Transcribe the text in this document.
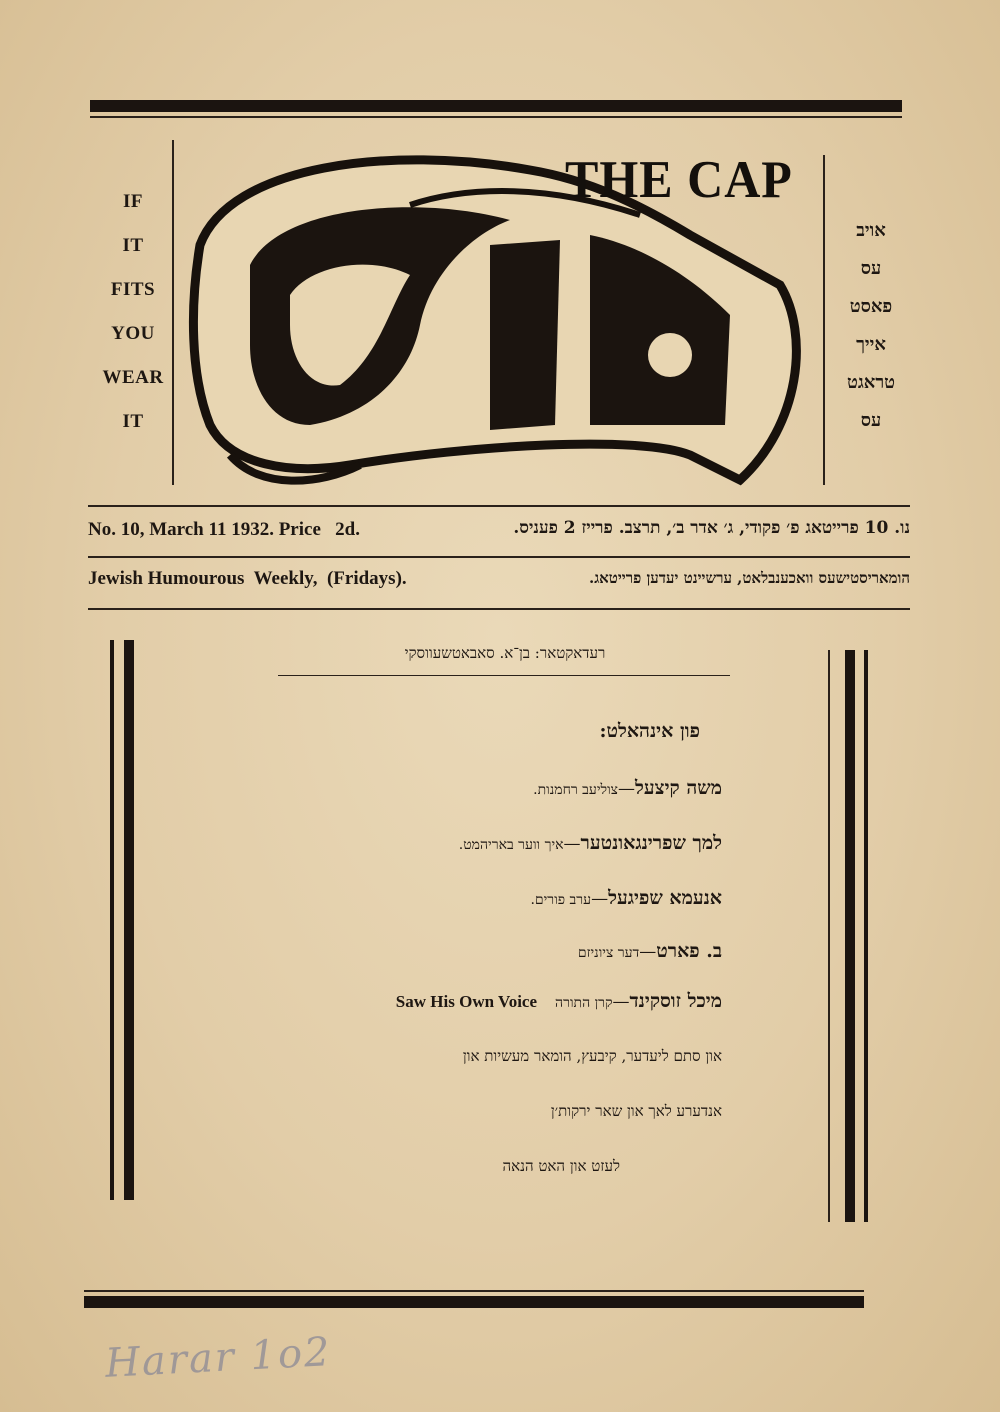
IF
IT
FITS
YOU
WEAR
IT
THE CAP
אויב
עס
פאסט
אייך
טראגט
עס
No. 10, March 11 1932. Price   2d.	נו. 10 פרייטאג פ׳ פקודי, ג׳ אדר ב׳, תרצב. פרייז 2 פעניס.
Jewish Humourous  Weekly,  (Fridays).	הומאריסטישעס וואכענבלאט, ערשיינט יעדען פרייטאג.
רעדאקטאר: בן־א. סאבאטשעווסקי
פון אינהאלט:
משה קיצעל—צוליעב רחמנות.
למך שפרינגאונטער—איך ווער באריהמט.
אנעמא שפיגעל—ערב פורים.
ב. פארט—דער ציוניזם
מיכל זוסקינד—קרן התורהSaw His Own Voice
און סתם ליעדער, קיבעץ, הומאר מעשיות און
אנדערע לאך און שאר ירקות׳ן
לעזט און האט הנאה
Harar 1o2
